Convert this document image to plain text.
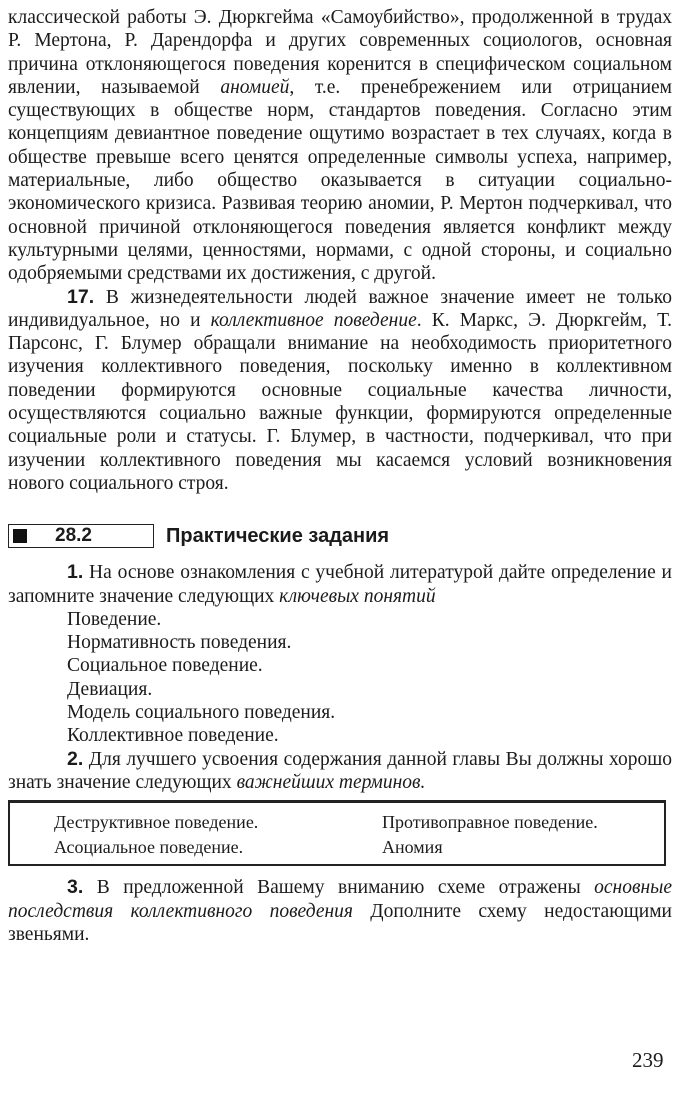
классической работы Э. Дюркгейма «Самоубийство», продолженной в трудах Р. Мертона, Р. Дарендорфа и других современных социологов, основная причина отклоняющегося поведения коренится в специфическом социальном явлении, называемой аномией, т.е. пренебрежением или отрицанием существующих в обществе норм, стандартов поведения. Согласно этим концепциям девиантное поведение ощутимо возрастает в тех случаях, когда в обществе превыше всего ценятся определенные символы успеха, например, материальные, либо общество оказывается в ситуации социально-экономического кризиса. Развивая теорию аномии, Р. Мертон подчеркивал, что основной причиной отклоняющегося поведения является конфликт между культурными целями, ценностями, нормами, с одной стороны, и социально одобряемыми средствами их достижения, с другой.

17. В жизнедеятельности людей важное значение имеет не только индивидуальное, но и коллективное поведение. К. Маркс, Э. Дюркгейм, Т. Парсонс, Г. Блумер обращали внимание на необходимость приоритетного изучения коллективного поведения, поскольку именно в коллективном поведении формируются основные социальные качества личности, осуществляются социально важные функции, формируются определенные социальные роли и статусы. Г. Блумер, в частности, подчеркивал, что при изучении коллективного поведения мы касаемся условий возникновения нового социального строя.

28.2	Практические задания

1. На основе ознакомления с учебной литературой дайте определение и запомните значение следующих ключевых понятий

Поведение.
Нормативность поведения.
Социальное поведение.
Девиация.
Модель социального поведения.
Коллективное поведение.

2. Для лучшего усвоения содержания данной главы Вы должны хорошо знать значение следующих важнейших терминов.

Деструктивное поведение.	Противоправное поведение.
Асоциальное поведение.	Аномия

3. В предложенной Вашему вниманию схеме отражены основные последствия коллективного поведения Дополните схему недостающими звеньями.

239
